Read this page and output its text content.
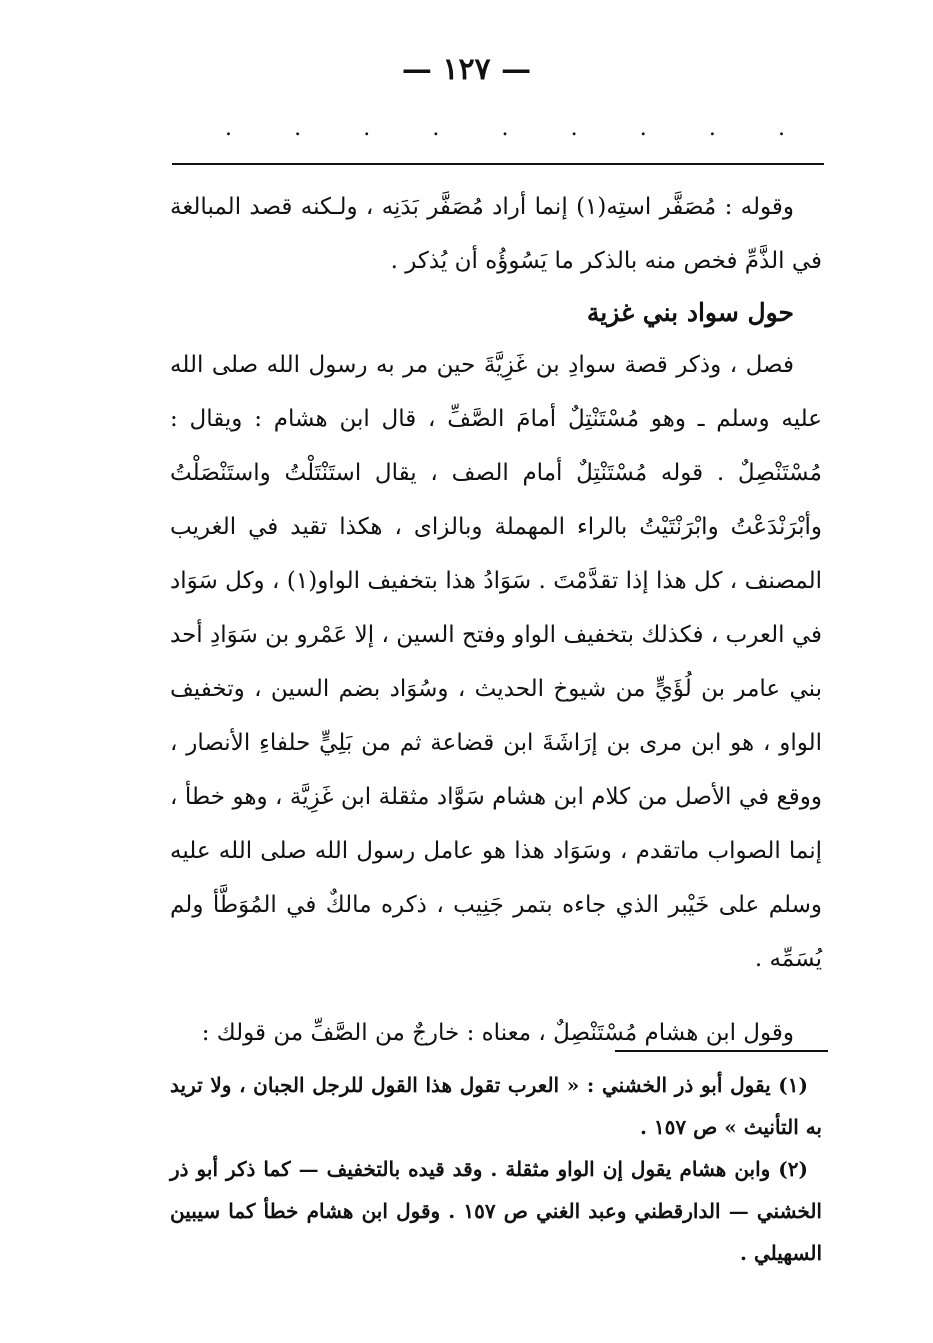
— ١٢٧ —
.	.	.	.	.	.	.	.	.

وقوله : مُصَفَّر استِه(١) إنما أراد مُصَفَّر بَدَنِه ، ولـكنه قصد المبالغة في الذَّمِّ فخص منه بالذكر ما يَسُوؤُه أن يُذكر .

حول سواد بني غزية

فصل ، وذكر قصة سوادِ بن غَزِيَّةَ حين مر به رسول الله صلى الله عليه وسلم ـ وهو مُسْتَنْتِلٌ أمامَ الصَّفِّ ، قال ابن هشام : ويقال : مُسْتَنْصِلٌ . قوله مُسْتَنْتِلٌ أمام الصف ، يقال استَنْتَلْتُ واستَنْصَلْتُ وأبْرَنْدَعْتُ وابْرَنْتَيْتُ بالراء المهملة وبالزاى ، هكذا تقيد في الغريب المصنف ، كل هذا إذا تقدَّمْتَ . سَوَادُ هذا بتخفيف الواو(١) ، وكل سَوَاد في العرب ، فكذلك بتخفيف الواو وفتح السين ، إلا عَمْرو بن سَوَادِ أحد بني عامر بن لُؤَيٍّ من شيوخ الحديث ، وسُوَاد بضم السين ، وتخفيف الواو ، هو ابن مرى بن إرَاشَةَ ابن قضاعة ثم من بَلِيٍّ حلفاءِ الأنصار ، ووقع في الأصل من كلام ابن هشام سَوَّاد مثقلة ابن غَزِيَّة ، وهو خطأ ، إنما الصواب ماتقدم ، وسَوَاد هذا هو عامل رسول الله صلى الله عليه وسلم على خَيْبر الذي جاءه بتمر جَنِيب ، ذكره مالكٌ في المُوَطَّأ ولم يُسَمِّه .

وقول ابن هشام مُسْتَنْصِلٌ ، معناه : خارجٌ من الصَّفِّ من قولك :

(١) يقول أبو ذر الخشني : « العرب تقول هذا القول للرجل الجبان ، ولا تريد به التأنيث » ص ١٥٧ .

(٢) وابن هشام يقول إن الواو مثقلة . وقد قيده بالتخفيف — كما ذكر أبو ذر الخشني — الدارقطني وعبد الغني ص ١٥٧ . وقول ابن هشام خطأ كما سيبين السهيلي .
